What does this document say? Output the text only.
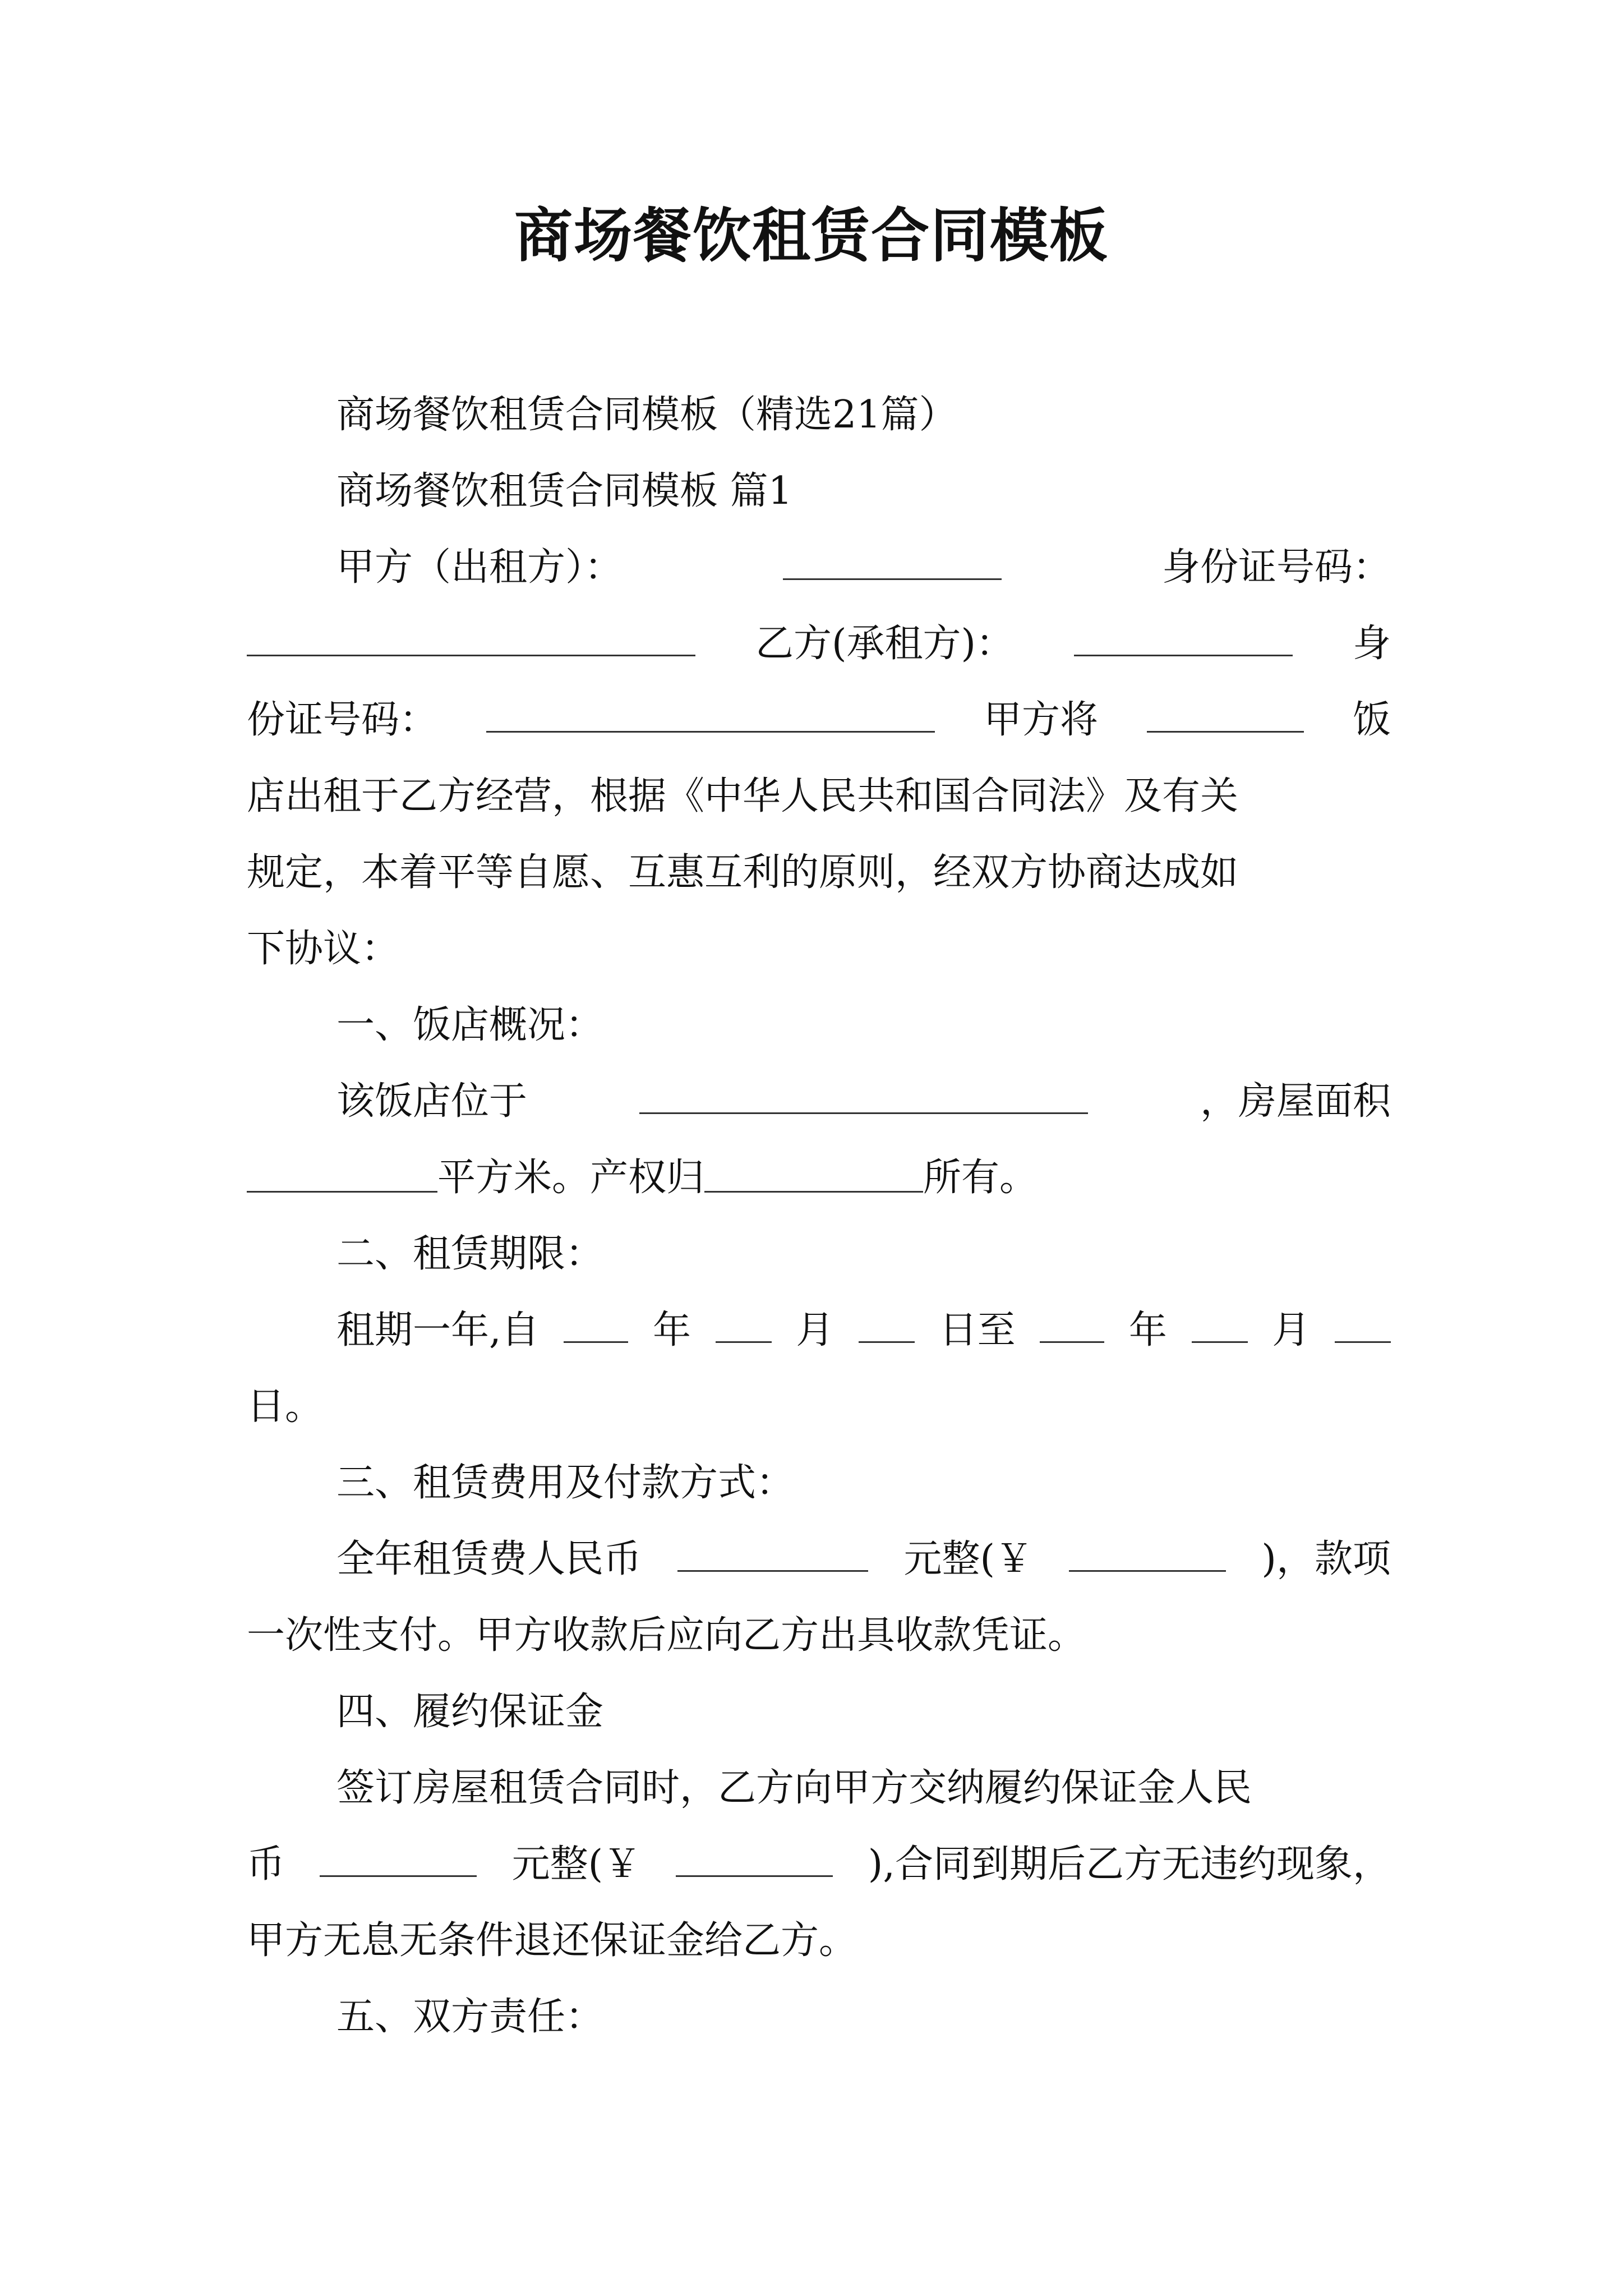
商场餐饮租赁合同模板
商场餐饮租赁合同模板（精选21篇）
商场餐饮租赁合同模板 篇1
甲方（出租方）：	身份证号码：
乙方(承租方)：	身
份证号码：	甲方将	饭
店出租于乙方经营，根据《中华人民共和国合同法》及有关
规定，本着平等自愿、互惠互利的原则，经双方协商达成如
下协议：
一、饭店概况：
该饭店位于	，房屋面积
平方米。产权归	所有。
二、租赁期限：
租期一年,自	年	月	日至	年	月
日。
三、租赁费用及付款方式：
全年租赁费人民币	元整(￥	)，款项
一次性支付。甲方收款后应向乙方出具收款凭证。
四、履约保证金
签订房屋租赁合同时，乙方向甲方交纳履约保证金人民
币	元整(￥	),合同到期后乙方无违约现象，
甲方无息无条件退还保证金给乙方。
五、双方责任：
